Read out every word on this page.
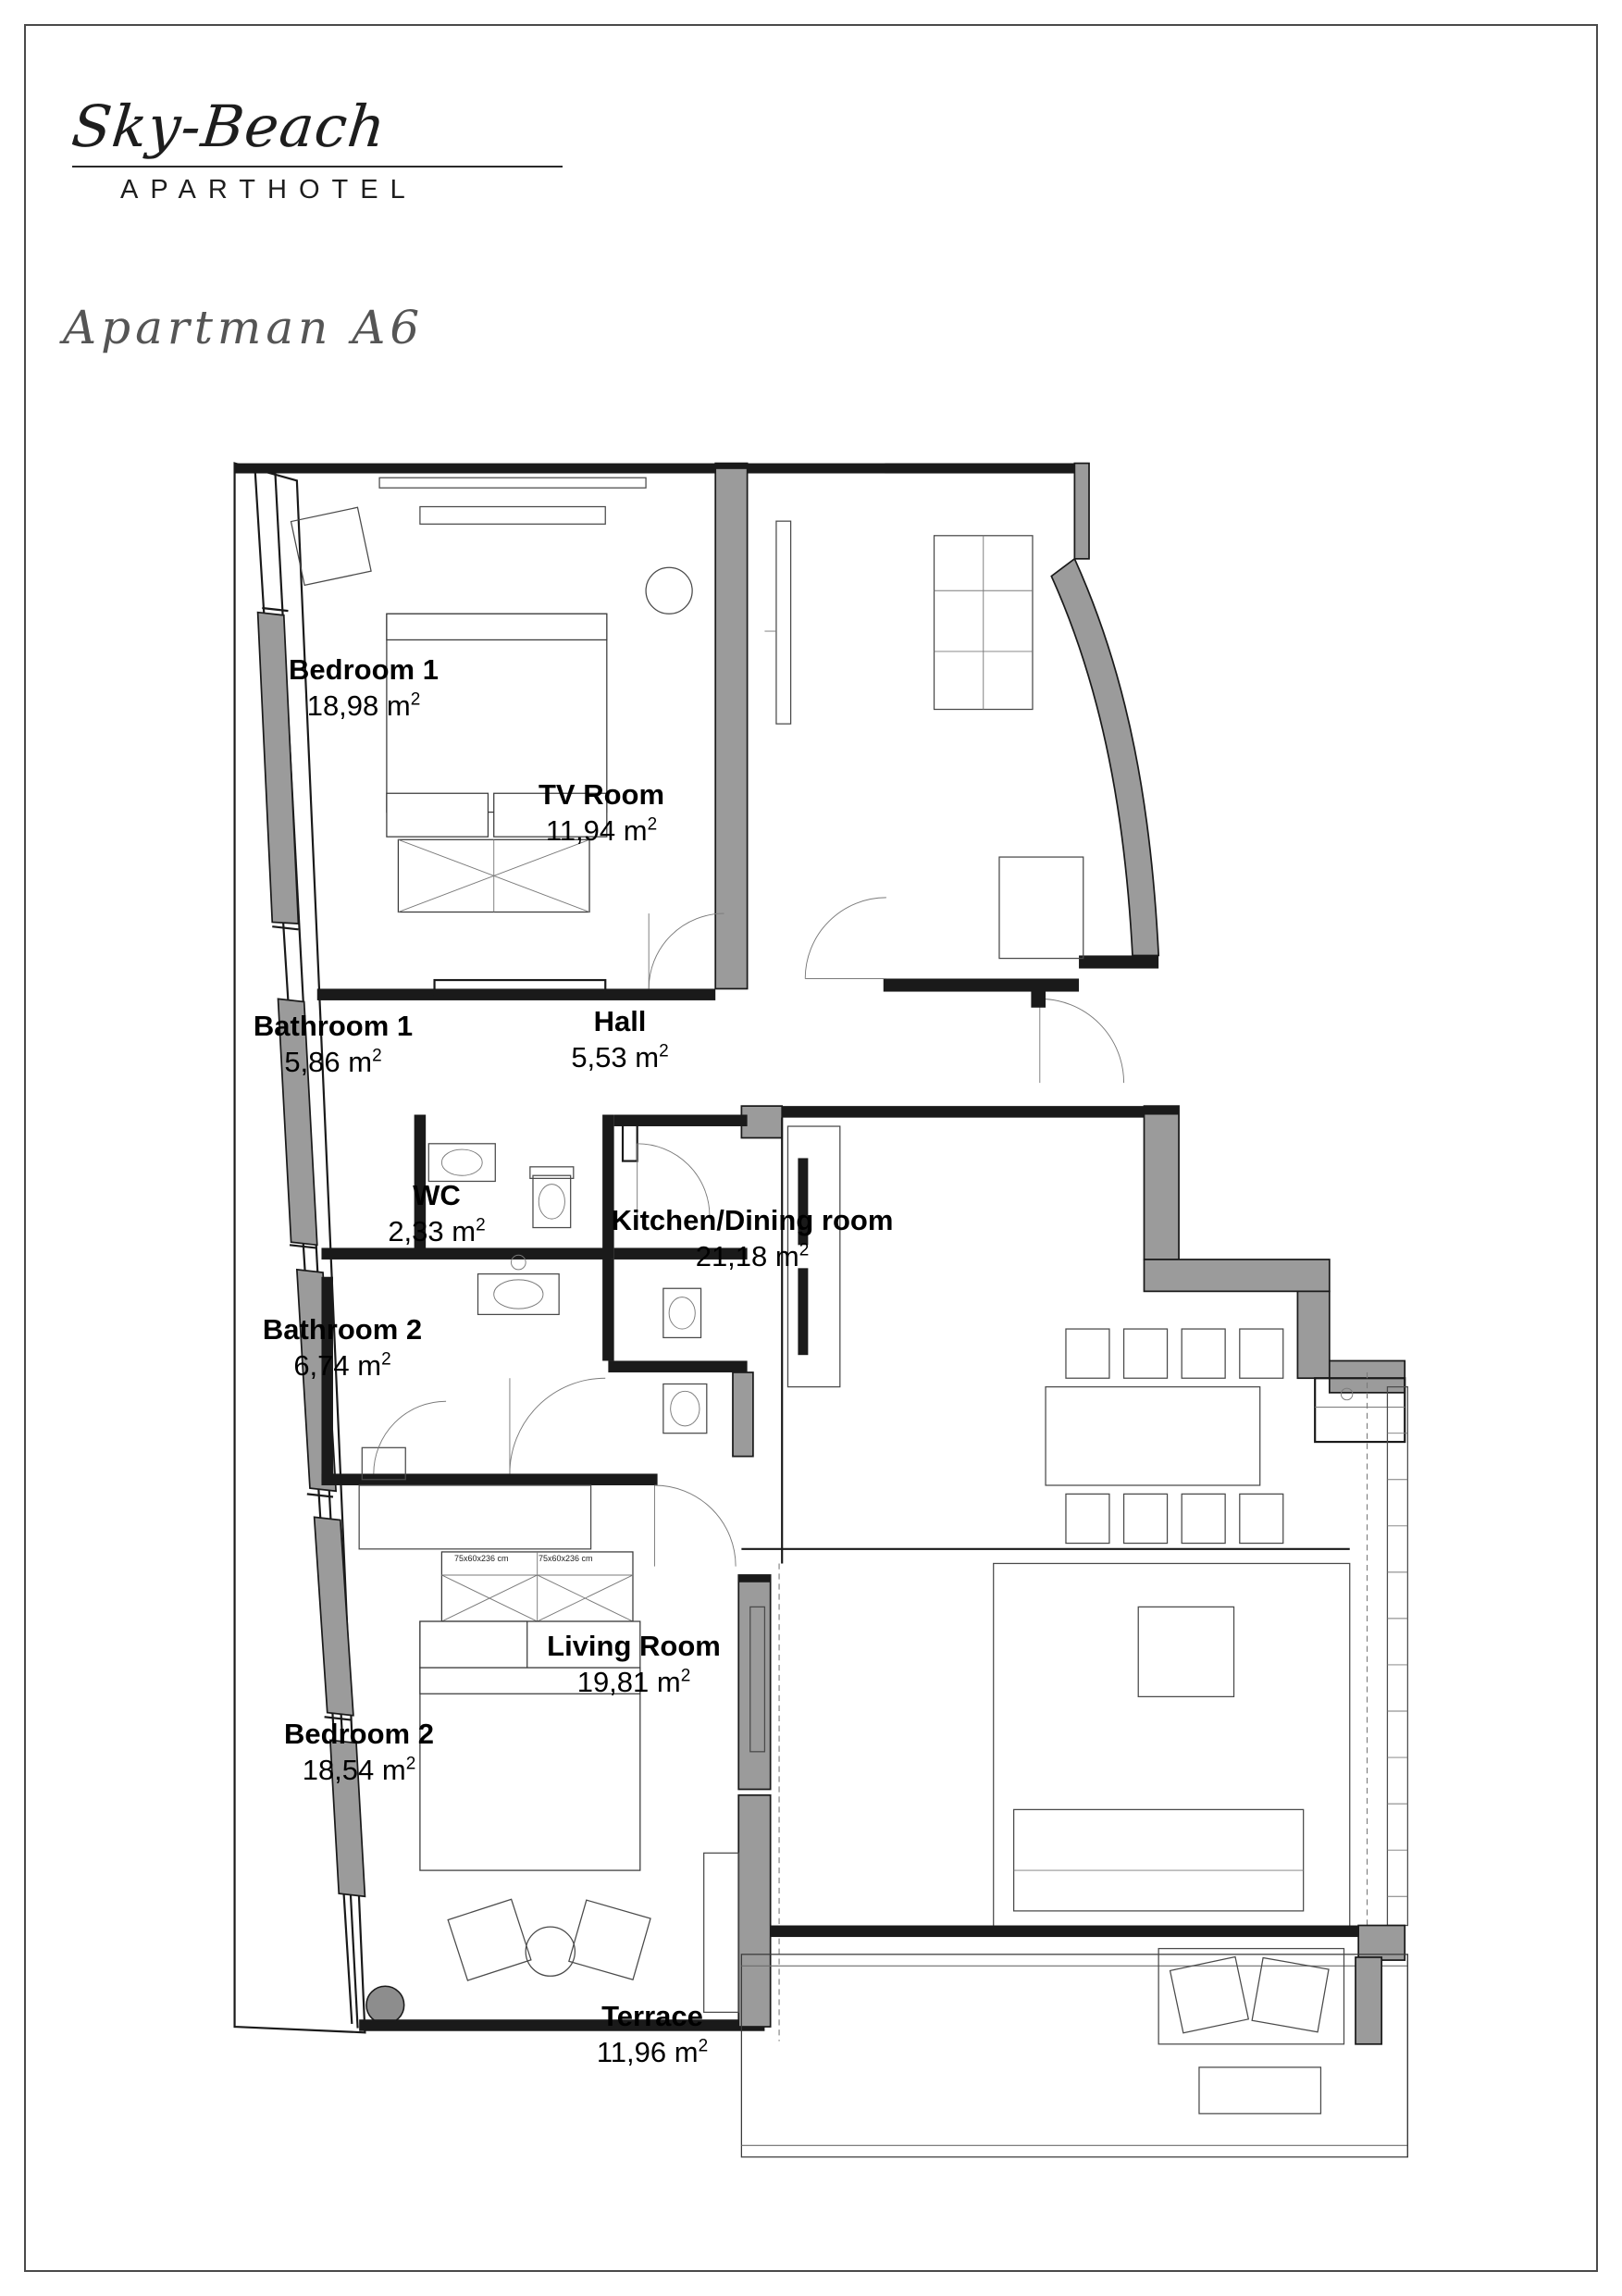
Sky-Beach
APARTHOTEL
Apartman A6
Bedroom 1
18,98 $m^2$
TV Room
11,94 $m^2$
Hall
5,53 $m^2$
Bathroom 1
5,86 $m^2$
WC
2,33 $m^2$	Kitchen/Dining room
21,18 $m^2$
Bathroom 2
6,74 $m^2$
Living Room
19,81 $m^2$
Bedroom 2
18,54 $m^2$
Terrace
11,96 $m^2$
75x60x236 cm	75x60x236 cm
